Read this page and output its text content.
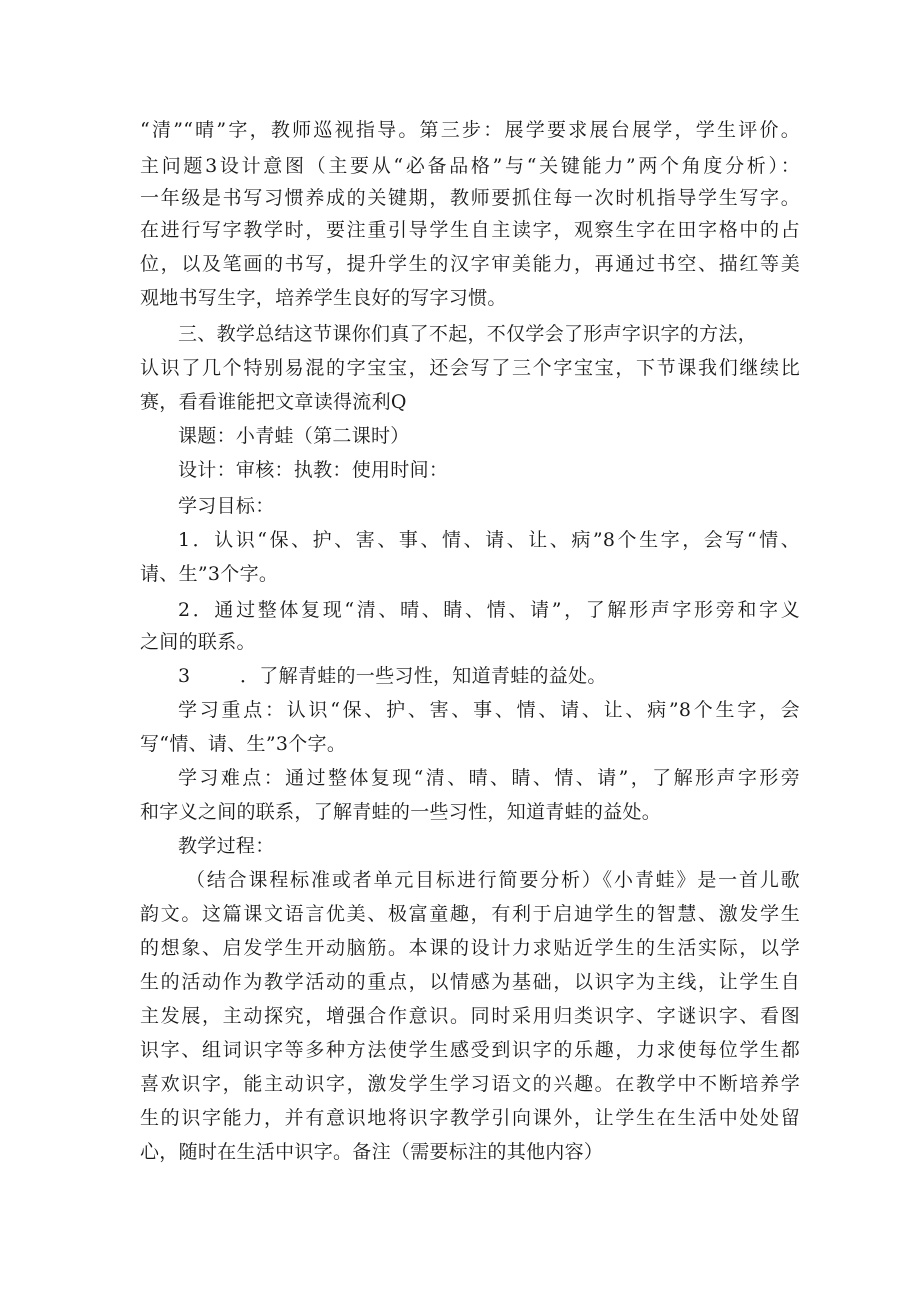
“清”“晴”字，教师巡视指导。第三步：展学要求展台展学，学生评价。
主问题3设计意图（主要从“必备品格”与“关键能力”两个角度分析）：
一年级是书写习惯养成的关键期，教师要抓住每一次时机指导学生写字。
在进行写字教学时，要注重引导学生自主读字，观察生字在田字格中的占
位，以及笔画的书写，提升学生的汉字审美能力，再通过书空、描红等美
观地书写生字，培养学生良好的写字习惯。
三、教学总结这节课你们真了不起，不仅学会了形声字识字的方法，
认识了几个特别易混的字宝宝，还会写了三个字宝宝，下节课我们继续比
赛，看看谁能把文章读得流利Q
课题：小青蛙（第二课时）
设计：审核：执教：使用时间：
学习目标：
1．认识“保、护、害、事、情、请、让、病”8个生字，会写“情、
请、生”3个字。
2．通过整体复现“清、晴、睛、情、请”，了解形声字形旁和字义
之间的联系。
3	．了解青蛙的一些习性，知道青蛙的益处。
学习重点：认识“保、护、害、事、情、请、让、病”8个生字，会
写“情、请、生”3个字。
学习难点：通过整体复现“清、晴、睛、情、请”，了解形声字形旁
和字义之间的联系，了解青蛙的一些习性，知道青蛙的益处。
教学过程：
（结合课程标准或者单元目标进行简要分析）《小青蛙》是一首儿歌
韵文。这篇课文语言优美、极富童趣，有利于启迪学生的智慧、激发学生
的想象、启发学生开动脑筋。本课的设计力求贴近学生的生活实际，以学
生的活动作为教学活动的重点，以情感为基础，以识字为主线，让学生自
主发展，主动探究，增强合作意识。同时采用归类识字、字谜识字、看图
识字、组词识字等多种方法使学生感受到识字的乐趣，力求使每位学生都
喜欢识字，能主动识字，激发学生学习语文的兴趣。在教学中不断培养学
生的识字能力，并有意识地将识字教学引向课外，让学生在生活中处处留
心，随时在生活中识字。备注（需要标注的其他内容）
